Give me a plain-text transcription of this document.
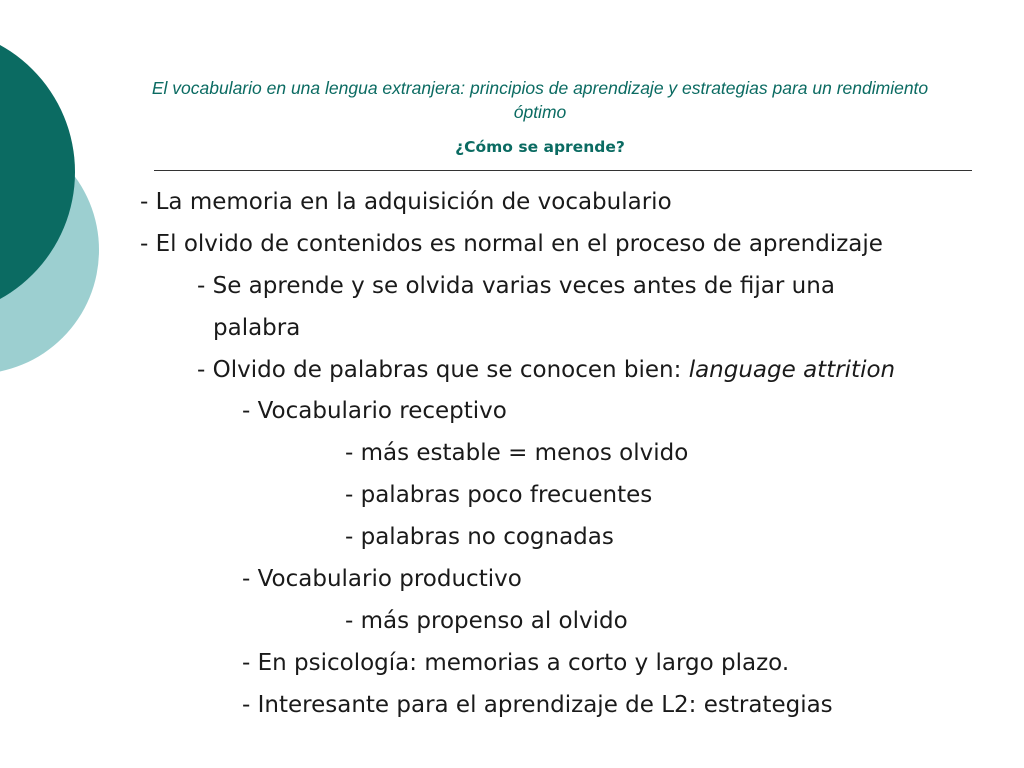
El vocabulario en una lengua extranjera: principios de aprendizaje y estrategias para un rendimiento óptimo
¿Cómo se aprende?
- La memoria en la adquisición de vocabulario
- El olvido de contenidos es normal en el proceso de aprendizaje
- Se aprende y se olvida varias veces antes de fijar una
palabra
- Olvido de palabras que se conocen bien: language attrition
- Vocabulario receptivo
- más estable = menos olvido
- palabras poco frecuentes
- palabras no cognadas
- Vocabulario productivo
- más propenso al olvido
- En psicología: memorias a corto y largo plazo.
- Interesante para el aprendizaje de L2: estrategias
